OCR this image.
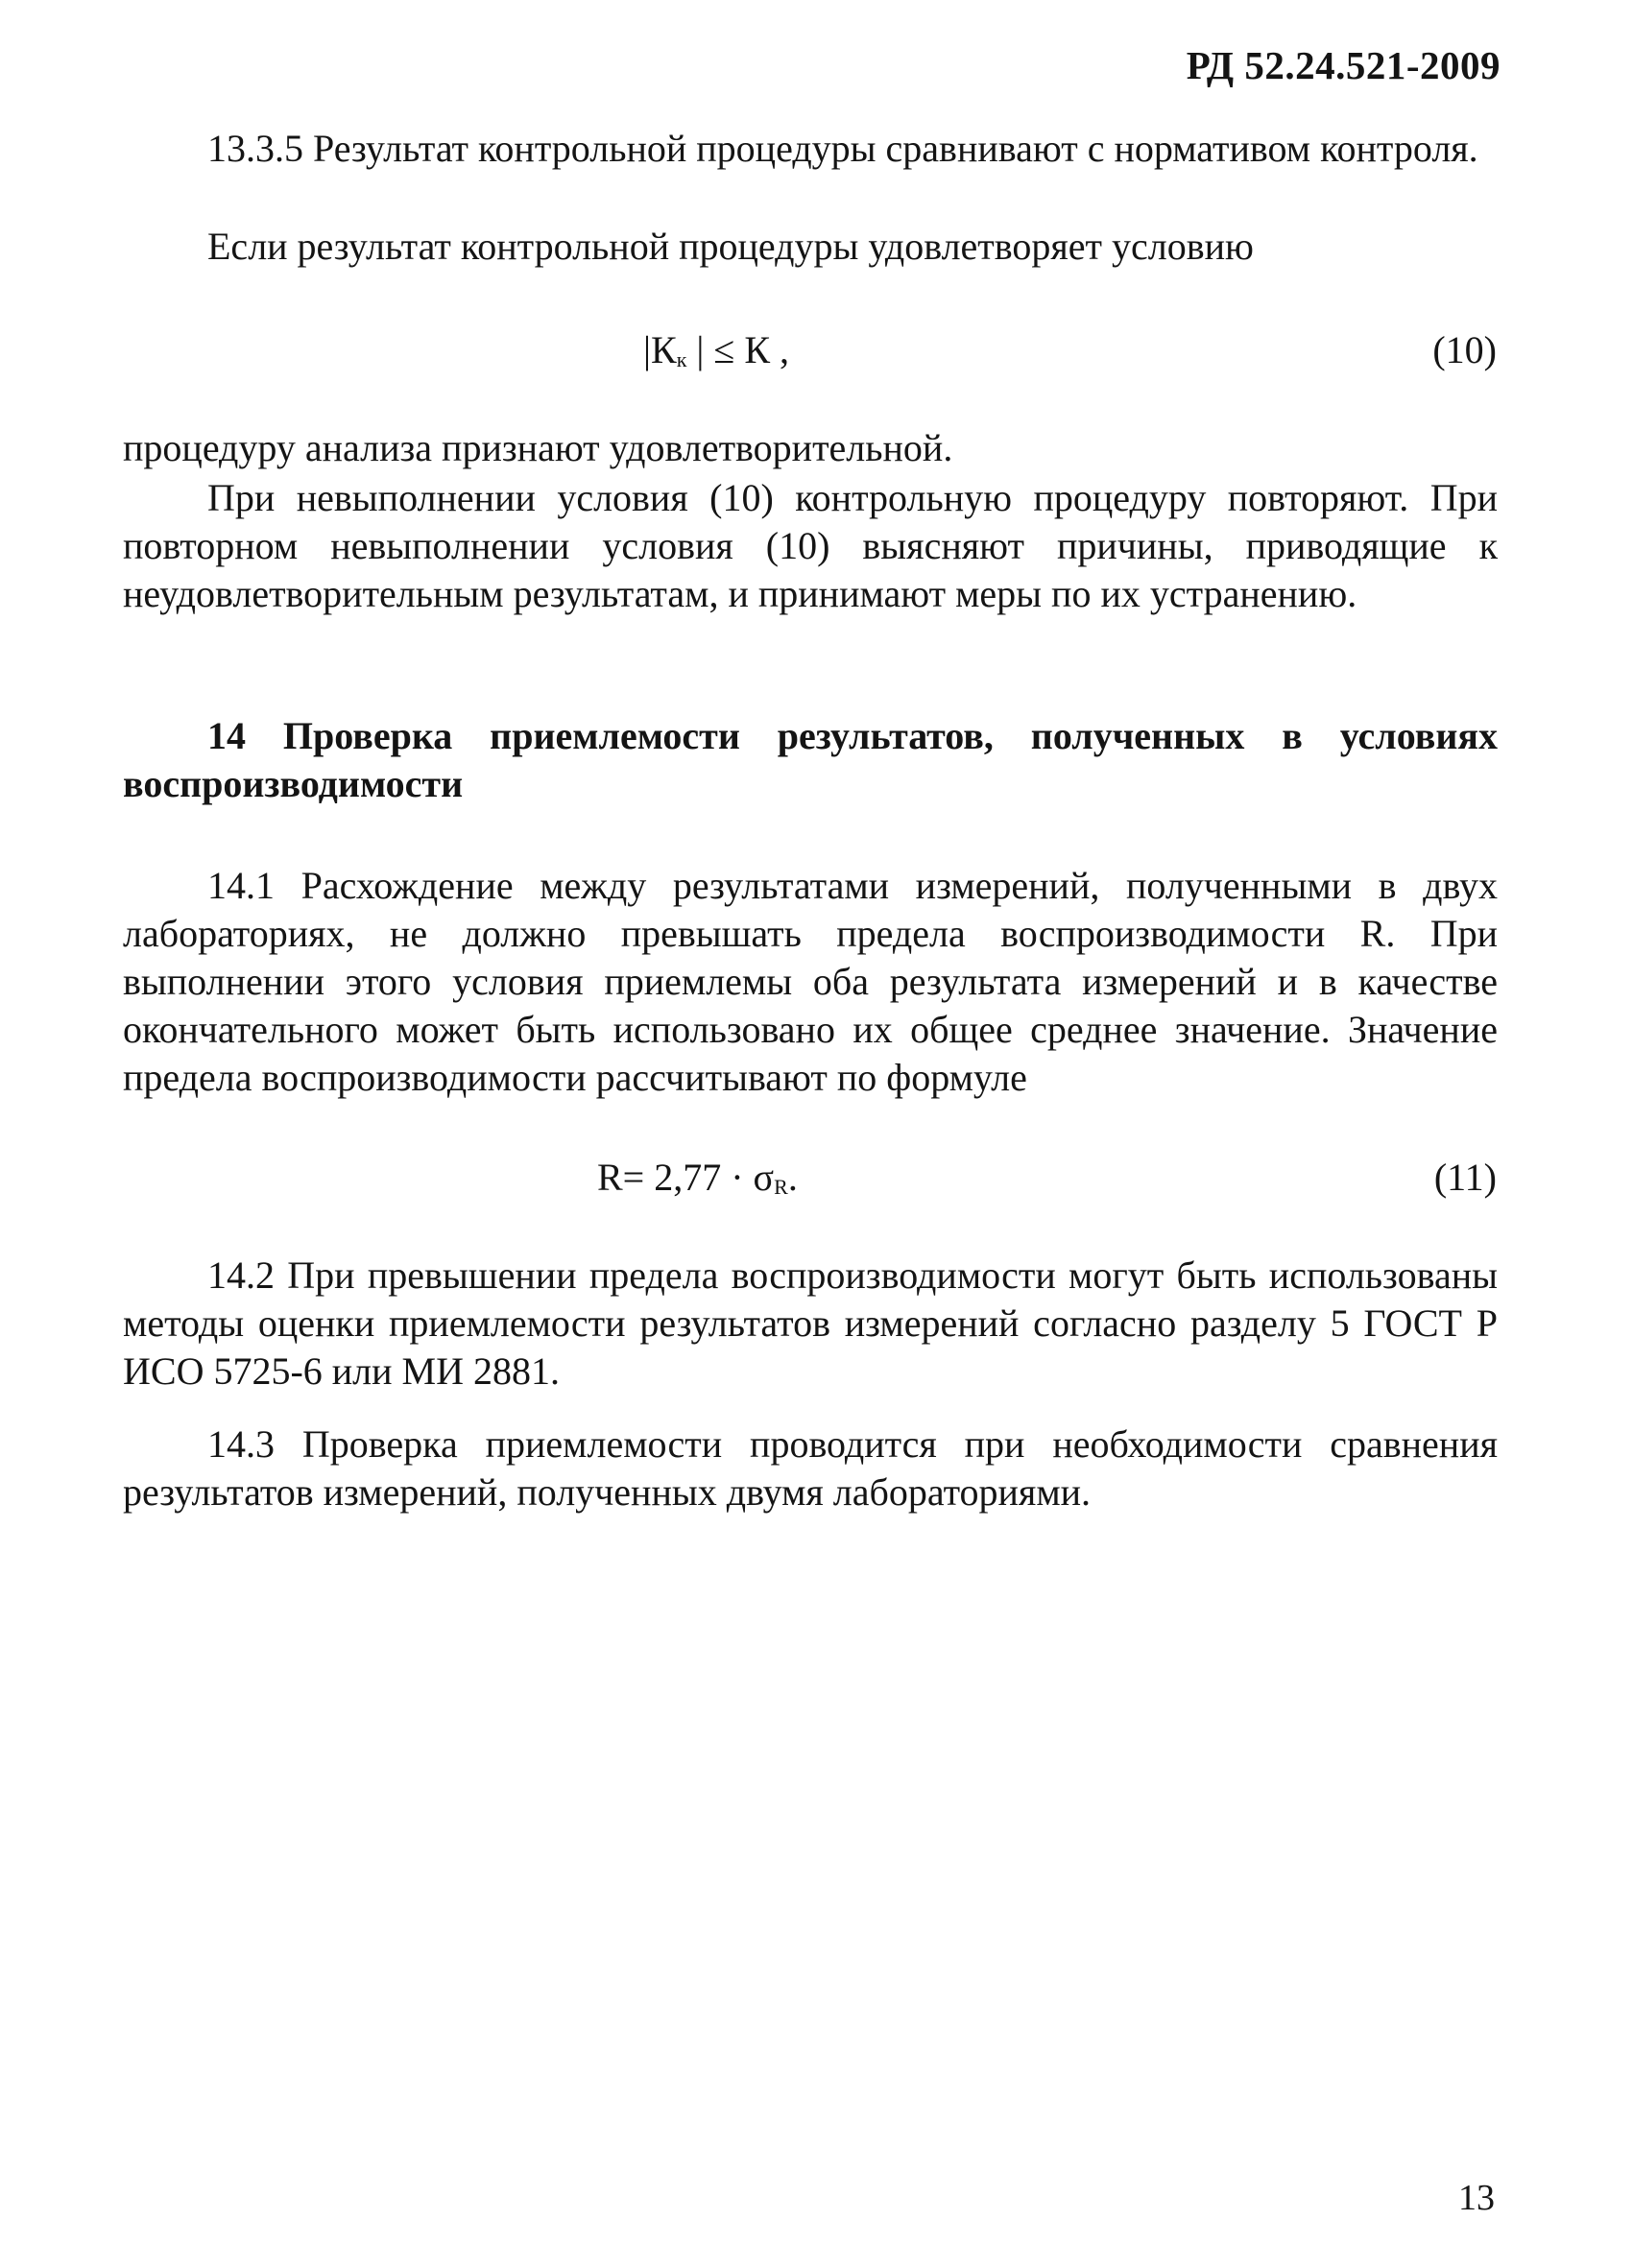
РД 52.24.521-2009

13.3.5 Результат контрольной процедуры сравнивают с нормативом контроля.

Если результат контрольной процедуры удовлетворяет условию

$|К_к$ | ≤ К ,	(10)

процедуру анализа признают удовлетворительной.

При невыполнении условия (10) контрольную процедуру повторяют. При повторном невыполнении условия (10) выясняют причины, приводящие к неудовлетворительным результатам, и принимают меры по их устранению.

14 Проверка приемлемости результатов, полученных в условиях воспроизводимости

14.1 Расхождение между результатами измерений, полученными в двух лабораториях, не должно превышать предела воспроизводимости R. При выполнении этого условия приемлемы оба результата измерений и в качестве окончательного может быть использовано их общее среднее значение. Значение предела воспроизводимости рассчитывают по формуле

$R= 2,77 \cdot \sigma_R$.	(11)

14.2 При превышении предела воспроизводимости могут быть использованы методы оценки приемлемости результатов измерений согласно разделу 5 ГОСТ Р ИСО 5725-6 или МИ 2881.

14.3 Проверка приемлемости проводится при необходимости сравнения результатов измерений, полученных двумя лабораториями.

13
